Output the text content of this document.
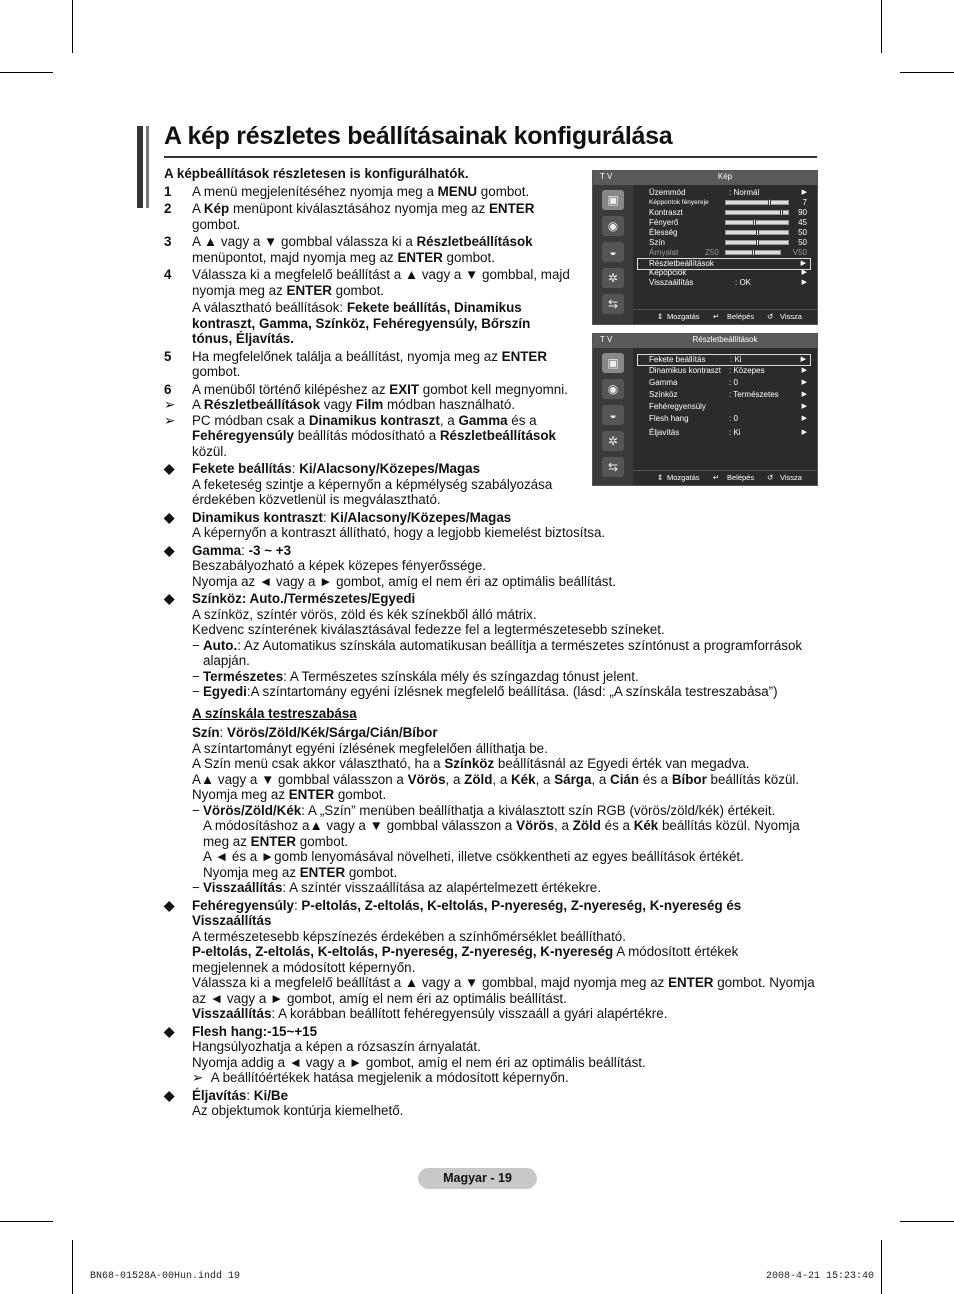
A kép részletes beállításainak konfigurálása
T V	Kép
▣
◉
◒
✲
⇆
Üzemmód	: Normál	▶
Képpontok fényereje	7
Kontraszt	90
Fényerő	45
Élesség	50
Szín	50
Árnyalat	Z50	V50
Részletbeállítások	▶
Képopciók	▶
Visszaállítás	: OK	▶
⇕ Mozgatás ↵ Belépés ↺ Vissza
T V	Részletbeállítások
▣
◉
◒
✲
⇆
Fekete beállítás	: Ki	▶
Dinamikus kontraszt : Közepes	▶
Gamma	: 0	▶
Színköz	: Természetes	▶
Fehéregyensúly	▶
Flesh hang	: 0	▶
Éljavítás	: Ki	▶
⇕ Mozgatás ↵ Belépés ↺ Vissza
A képbeállítások részletesen is konfigurálhatók.
1 A menü megjelenítéséhez nyomja meg a MENU gombot.
2 A Kép menüpont kiválasztásához nyomja meg az ENTER gombot.
3 A ▲ vagy a ▼ gombbal válassza ki a Részletbeállítások menüpontot, majd nyomja meg az ENTER gombot.
4 Válassza ki a megfelelő beállítást a ▲ vagy a ▼ gombbal, majd nyomja meg az ENTER gombot.
A választható beállítások: Fekete beállítás, Dinamikus kontraszt, Gamma, Színköz, Fehéregyensúly, Bőrszín tónus, Éljavítás.
5 Ha megfelelőnek találja a beállítást, nyomja meg az ENTER gombot.
6 A menüből történő kilépéshez az EXIT gombot kell megnyomni.
➢ A Részletbeállítások vagy Film módban használható.
➢ PC módban csak a Dinamikus kontraszt, a Gamma és a Fehéregyensúly beállítás módosítható a Részletbeállítások közül.
◆ Fekete beállítás: Ki/Alacsony/Közepes/Magas
A feketeség szintje a képernyőn a képmélység szabályozása érdekében közvetlenül is megválasztható.
◆ Dinamikus kontraszt: Ki/Alacsony/Közepes/Magas
A képernyőn a kontraszt állítható, hogy a legjobb kiemelést biztosítsa.
◆ Gamma: -3 ~ +3
Beszabályozható a képek közepes fényerőssége.
Nyomja az ◄ vagy a ► gombot, amíg el nem éri az optimális beállítást.
◆ Színköz: Auto./Természetes/Egyedi
A színköz, színtér vörös, zöld és kék színekből álló mátrix.
Kedvenc színterének kiválasztásával fedezze fel a legtermészetesebb színeket.
− Auto.: Az Automatikus színskála automatikusan beállítja a természetes színtónust a programforrások alapján.
− Természetes: A Természetes színskála mély és színgazdag tónust jelent.
− Egyedi:A színtartomány egyéni ízlésnek megfelelő beállítása. (lásd: „A színskála testreszabása”)
A színskála testreszabása
Szín: Vörös/Zöld/Kék/Sárga/Cián/Bíbor
A színtartományt egyéni ízlésének megfelelően állíthatja be.
A Szín menü csak akkor választható, ha a Színköz beállításnál az Egyedi érték van megadva.
A▲ vagy a ▼ gombbal válasszon a Vörös, a Zöld, a Kék, a Sárga, a Cián és a Bíbor beállítás közül.
Nyomja meg az ENTER gombot.
− Vörös/Zöld/Kék: A „Szín” menüben beállíthatja a kiválasztott szín RGB (vörös/zöld/kék) értékeit.
A módosításhoz a▲ vagy a ▼ gombbal válasszon a Vörös, a Zöld és a Kék beállítás közül. Nyomja meg az ENTER gombot.
A ◄ és a ►gomb lenyomásával növelheti, illetve csökkentheti az egyes beállítások értékét.
Nyomja meg az ENTER gombot.
− Visszaállítás: A színtér visszaállítása az alapértelmezett értékekre.
◆ Fehéregyensúly: P-eltolás, Z-eltolás, K-eltolás, P-nyereség, Z-nyereség, K-nyereség és Visszaállítás
A természetesebb képszínezés érdekében a színhőmérséklet beállítható.
P-eltolás, Z-eltolás, K-eltolás, P-nyereség, Z-nyereség, K-nyereség A módosított értékek megjelennek a módosított képernyőn.
Válassza ki a megfelelő beállítást a ▲ vagy a ▼ gombbal, majd nyomja meg az ENTER gombot. Nyomja az ◄ vagy a ► gombot, amíg el nem éri az optimális beállítást.
Visszaállítás: A korábban beállított fehéregyensúly visszaáll a gyári alapértékre.
◆ Flesh hang:-15~+15
Hangsúlyozhatja a képen a rózsaszín árnyalatát.
Nyomja addig a ◄ vagy a ► gombot, amíg el nem éri az optimális beállítást.
➢ A beállítóértékek hatása megjelenik a módosított képernyőn.
◆ Éljavítás: Ki/Be
Az objektumok kontúrja kiemelhető.
Magyar - 19
BN68-01528A-00Hun.indd 19	2008-4-21 15:23:40
